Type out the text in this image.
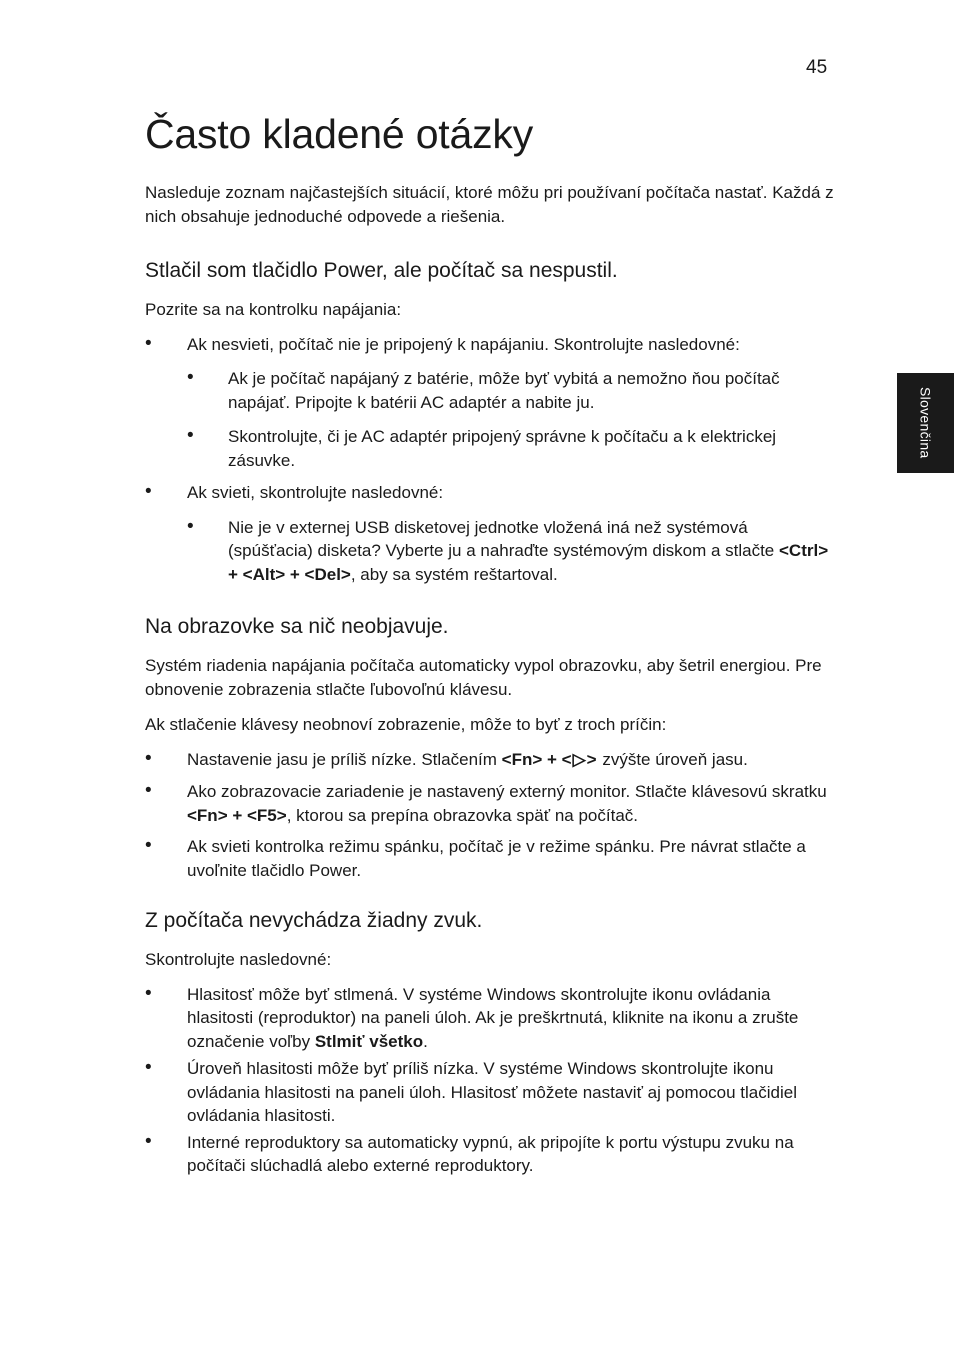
45
Slovenčina
Často kladené otázky

Nasleduje zoznam najčastejších situácií, ktoré môžu pri používaní počítača nastať. Každá z nich obsahuje jednoduché odpovede a riešenia.

Stlačil som tlačidlo Power, ale počítač sa nespustil.

Pozrite sa na kontrolku napájania:

• Ak nesvieti, počítač nie je pripojený k napájaniu. Skontrolujte nasledovné:
• Ak je počítač napájaný z batérie, môže byť vybitá a nemožno ňou počítač napájať. Pripojte k batérii AC adaptér a nabite ju.
• Skontrolujte, či je AC adaptér pripojený správne k počítaču a k elektrickej zásuvke.
• Ak svieti, skontrolujte nasledovné:
• Nie je v externej USB disketovej jednotke vložená iná než systémová (spúšťacia) disketa? Vyberte ju a nahraďte systémovým diskom a stlačte <Ctrl> + <Alt> + <Del>, aby sa systém reštartoval.
Na obrazovke sa nič neobjavuje.

Systém riadenia napájania počítača automaticky vypol obrazovku, aby šetril energiou. Pre obnovenie zobrazenia stlačte ľubovoľnú klávesu.

Ak stlačenie klávesy neobnoví zobrazenie, môže to byť z troch príčin:

• Nastavenie jasu je príliš nízke. Stlačením <Fn> + <▷> zvýšte úroveň jasu.
• Ako zobrazovacie zariadenie je nastavený externý monitor. Stlačte klávesovú skratku <Fn> + <F5>, ktorou sa prepína obrazovka späť na počítač.
• Ak svieti kontrolka režimu spánku, počítač je v režime spánku. Pre návrat stlačte a uvoľnite tlačidlo Power.
Z počítača nevychádza žiadny zvuk.

Skontrolujte nasledovné:

• Hlasitosť môže byť stlmená. V systéme Windows skontrolujte ikonu ovládania hlasitosti (reproduktor) na paneli úloh. Ak je preškrtnutá, kliknite na ikonu a zrušte označenie voľby Stlmiť všetko.
• Úroveň hlasitosti môže byť príliš nízka. V systéme Windows skontrolujte ikonu ovládania hlasitosti na paneli úloh. Hlasitosť môžete nastaviť aj pomocou tlačidiel ovládania hlasitosti.
• Interné reproduktory sa automaticky vypnú, ak pripojíte k portu výstupu zvuku na počítači slúchadlá alebo externé reproduktory.
